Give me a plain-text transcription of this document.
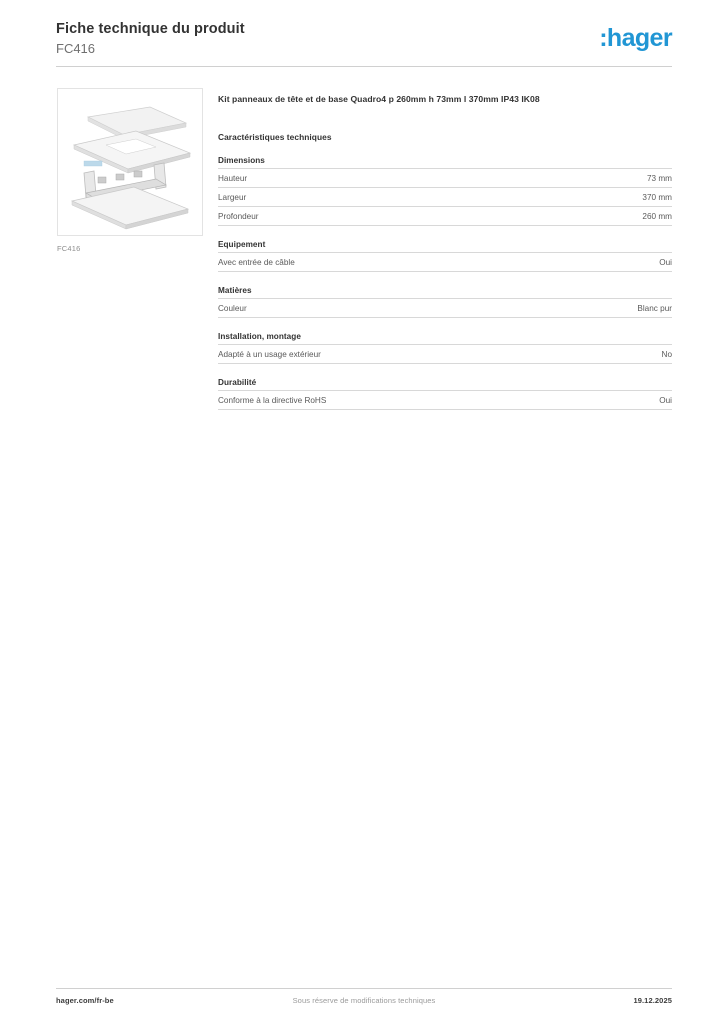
Fiche technique du produit
FC416	:hager
FC416
Kit panneaux de tête et de base Quadro4 p 260mm h 73mm l 370mm IP43 IK08
Caractéristiques techniques
Dimensions
Hauteur	73 mm
Largeur	370 mm
Profondeur	260 mm
Equipement
Avec entrée de câble	Oui
Matières
Couleur	Blanc pur
Installation, montage
Adapté à un usage extérieur	No
Durabilité
Conforme à la directive RoHS	Oui
hager.com/fr-be	Sous réserve de modifications techniques	19.12.2025
